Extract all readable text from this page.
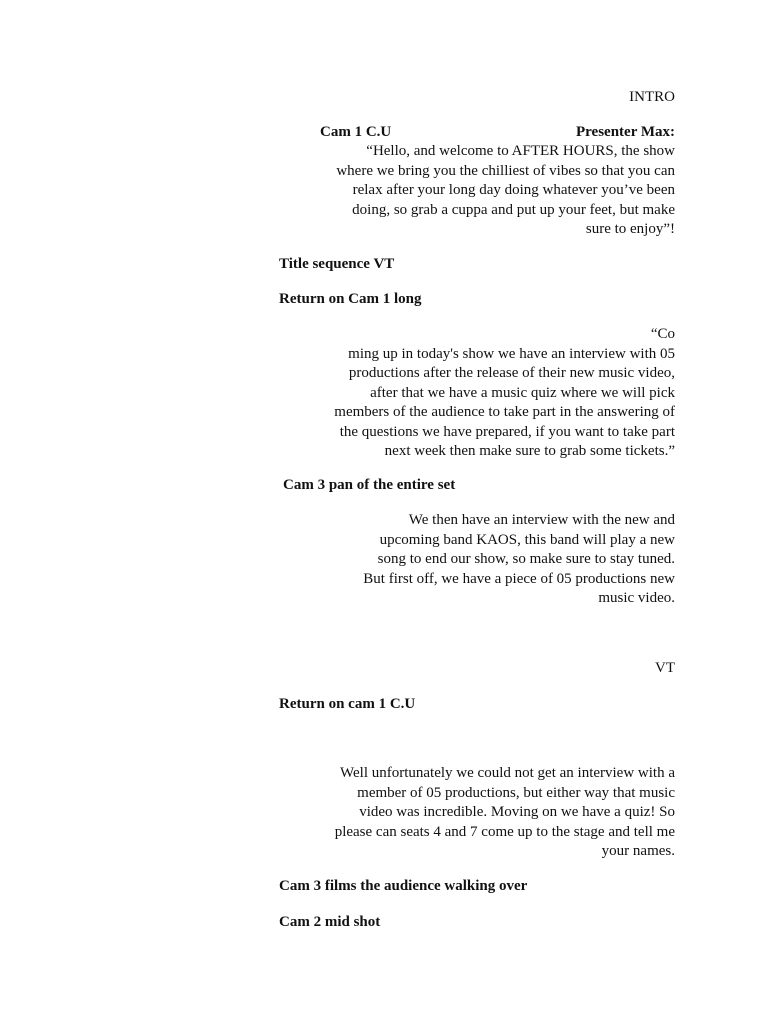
INTRO
Cam 1 C.U	Presenter Max:
“Hello, and welcome to AFTER HOURS, the show
where we bring you the chilliest of vibes so that you can
relax after your long day doing whatever you’ve been
doing, so grab a cuppa and put up your feet, but make
sure to enjoy”!
Title sequence VT
Return on Cam 1 long
“Co
ming up in today's show we have an interview with 05
productions after the release of their new music video,
after that we have a music quiz where we will pick
members of the audience to take part in the answering of
the questions we have prepared, if you want to take part
next week then make sure to grab some tickets.”
Cam 3 pan of the entire set
We then have an interview with the new and
upcoming band KAOS, this band will play a new
song to end our show, so make sure to stay tuned.
But first off, we have a piece of 05 productions new
music video.
VT
Return on cam 1 C.U
Well unfortunately we could not get an interview with a
member of 05 productions, but either way that music
video was incredible. Moving on we have a quiz! So
please can seats 4 and 7 come up to the stage and tell me
your names.
Cam 3 films the audience walking over
Cam 2 mid shot
